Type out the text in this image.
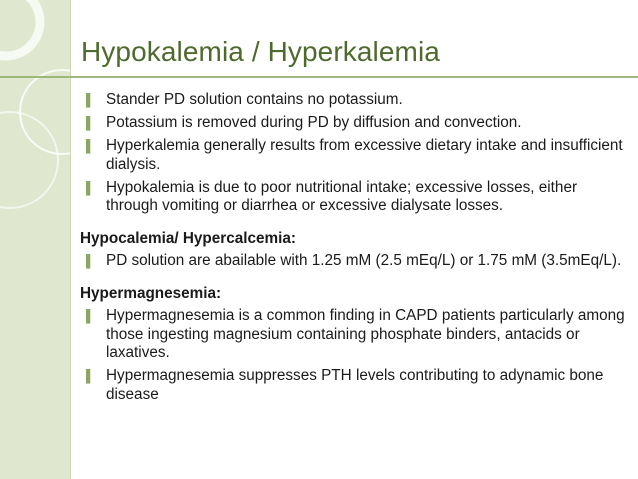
Hypokalemia / Hyperkalemia
▌ Stander PD solution contains no potassium.
▌ Potassium is removed during PD by diffusion and convection.
▌ Hyperkalemia generally results from excessive dietary intake and insufficient dialysis.
▌ Hypokalemia is due to poor nutritional intake; excessive losses, either through vomiting or diarrhea or excessive dialysate losses.

Hypocalemia/ Hypercalcemia:

▌ PD solution are abailable with 1.25 mM (2.5 mEq/L) or 1.75 mM (3.5mEq/L).

Hypermagnesemia:

▌ Hypermagnesemia is a common finding in CAPD patients particularly among those ingesting magnesium containing phosphate binders, antacids or laxatives.
▌ Hypermagnesemia suppresses PTH levels contributing to adynamic bone disease
